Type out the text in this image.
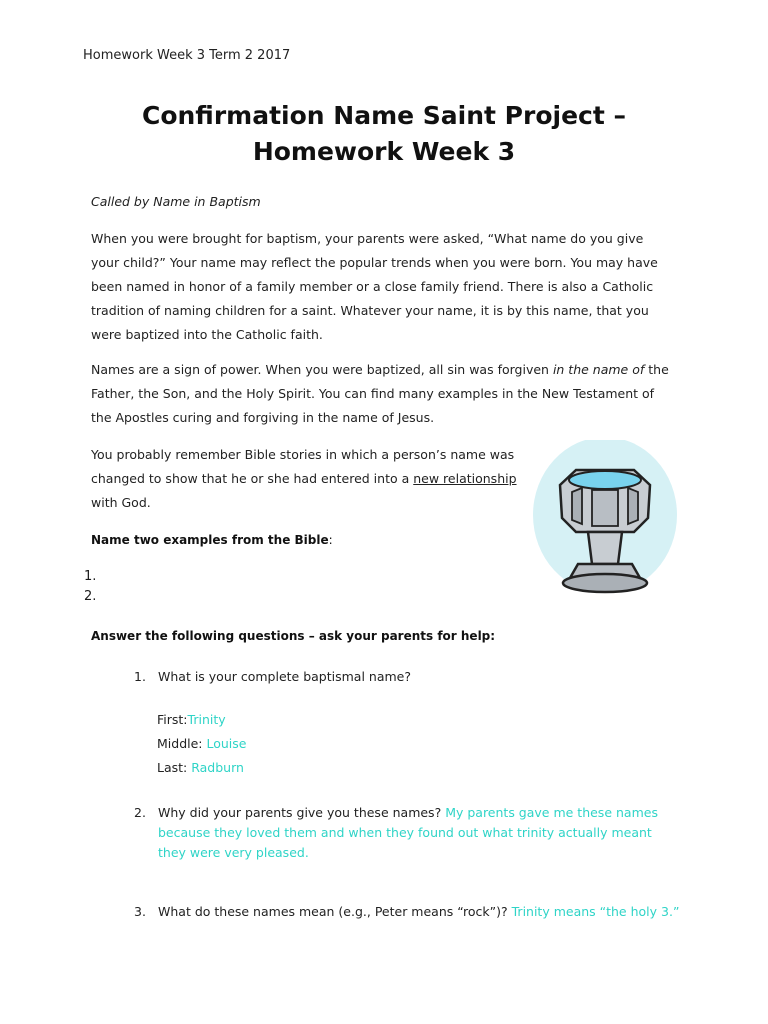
Homework Week 3 Term 2 2017
Confirmation Name Saint Project –
Homework Week 3
Called by Name in Baptism
When you were brought for baptism, your parents were asked, “What name do you give
your child?” Your name may reflect the popular trends when you were born. You may have
been named in honor of a family member or a close family friend. There is also a Catholic
tradition of naming children for a saint. Whatever your name, it is by this name, that you
were baptized into the Catholic faith.
Names are a sign of power. When you were baptized, all sin was forgiven in the name of the
Father, the Son, and the Holy Spirit. You can find many examples in the New Testament of
the Apostles curing and forgiving in the name of Jesus.
You probably remember Bible stories in which a person’s name was
changed to show that he or she had entered into a new relationship
with God.
Name two examples from the Bible:
1.
2.
Answer the following questions – ask your parents for help:
1. What is your complete baptismal name?
First:Trinity
Middle: Louise
Last: Radburn
2. Why did your parents give you these names? My parents gave me these names
because they loved them and when they found out what trinity actually meant
they were very pleased.
3. What do these names mean (e.g., Peter means “rock”)? Trinity means “the holy 3.”
